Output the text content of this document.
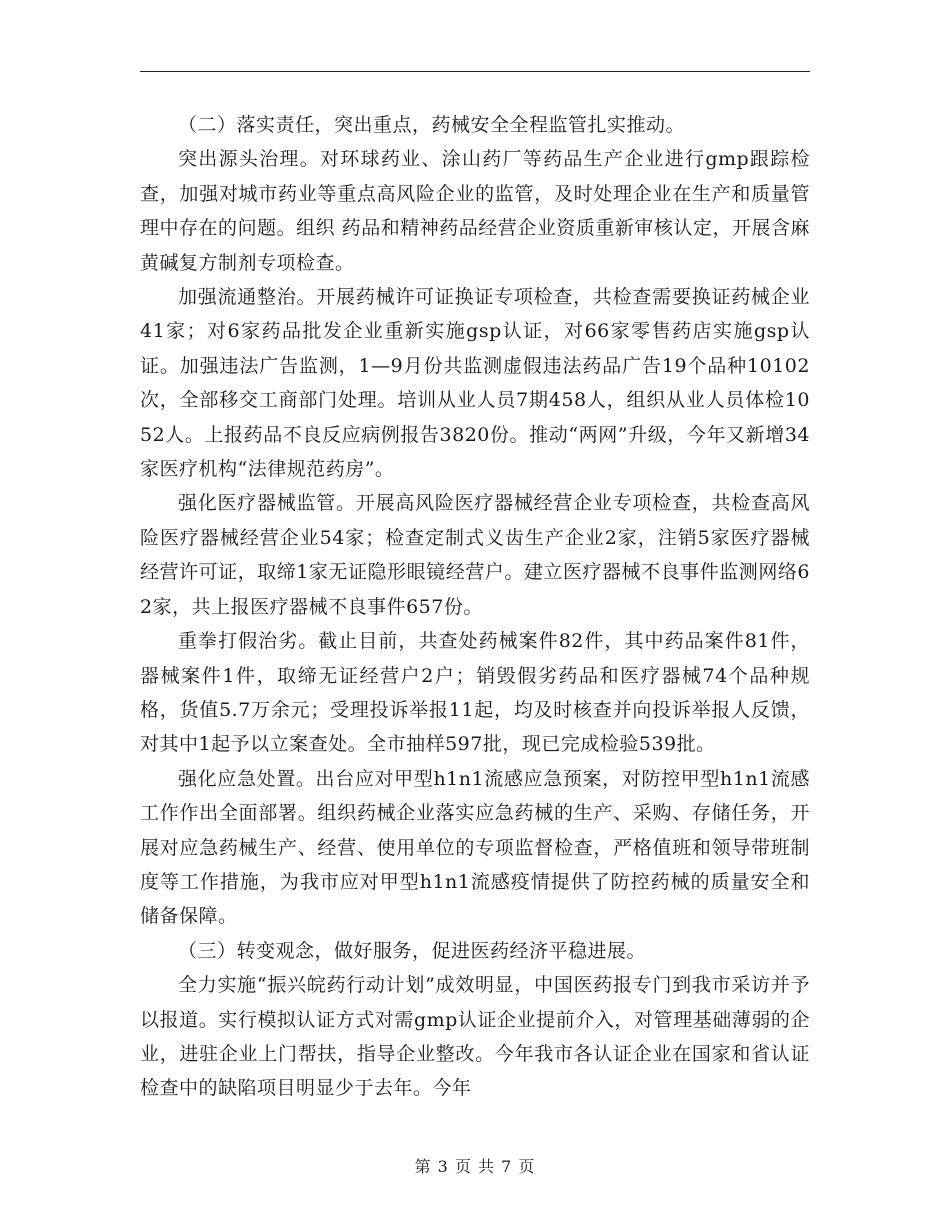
（二）落实责任，突出重点，药械安全全程监管扎实推动。

突出源头治理。对环球药业、涂山药厂等药品生产企业进行gmp跟踪检查，加强对城市药业等重点高风险企业的监管，及时处理企业在生产和质量管理中存在的问题。组织 药品和精神药品经营企业资质重新审核认定，开展含麻黄碱复方制剂专项检查。

加强流通整治。开展药械许可证换证专项检查，共检查需要换证药械企业41家；对6家药品批发企业重新实施gsp认证，对66家零售药店实施gsp认证。加强违法广告监测，1—9月份共监测虚假违法药品广告19个品种10102次，全部移交工商部门处理。培训从业人员7期458人，组织从业人员体检1052人。上报药品不良反应病例报告3820份。推动“两网”升级，今年又新增34家医疗机构“法律规范药房”。

强化医疗器械监管。开展高风险医疗器械经营企业专项检查，共检查高风险医疗器械经营企业54家；检查定制式义齿生产企业2家，注销5家医疗器械经营许可证，取缔1家无证隐形眼镜经营户。建立医疗器械不良事件监测网络62家，共上报医疗器械不良事件657份。

重拳打假治劣。截止目前，共查处药械案件82件，其中药品案件81件，器械案件1件，取缔无证经营户2户；销毁假劣药品和医疗器械74个品种规格，货值5.7万余元；受理投诉举报11起，均及时核查并向投诉举报人反馈，对其中1起予以立案查处。全市抽样597批，现已完成检验539批。

强化应急处置。出台应对甲型h1n1流感应急预案，对防控甲型h1n1流感工作作出全面部署。组织药械企业落实应急药械的生产、采购、存储任务，开展对应急药械生产、经营、使用单位的专项监督检查，严格值班和领导带班制度等工作措施，为我市应对甲型h1n1流感疫情提供了防控药械的质量安全和储备保障。

（三）转变观念，做好服务，促进医药经济平稳进展。

全力实施“振兴皖药行动计划”成效明显，中国医药报专门到我市采访并予以报道。实行模拟认证方式对需gmp认证企业提前介入，对管理基础薄弱的企业，进驻企业上门帮扶，指导企业整改。今年我市各认证企业在国家和省认证检查中的缺陷项目明显少于去年。今年

第 3 页 共 7 页
